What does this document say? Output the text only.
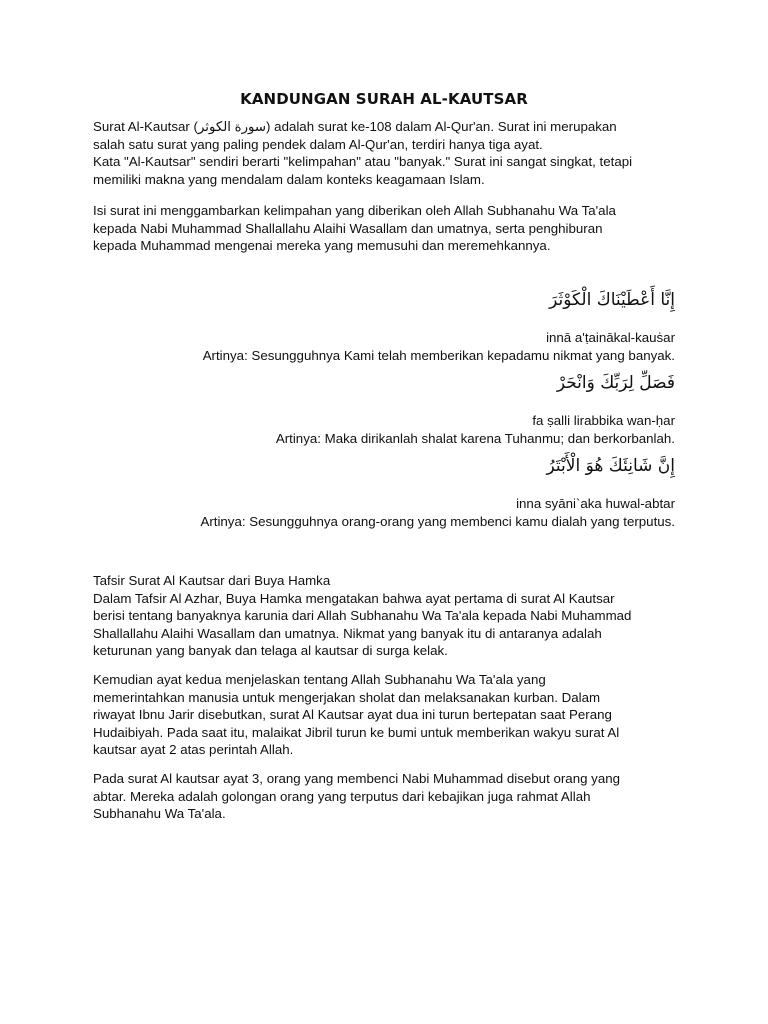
KANDUNGAN SURAH AL-KAUTSAR

Surat Al-Kautsar (سورة الكوثر) adalah surat ke-108 dalam Al-Qur'an. Surat ini merupakan
salah satu surat yang paling pendek dalam Al-Qur'an, terdiri hanya tiga ayat.
Kata "Al-Kautsar" sendiri berarti "kelimpahan" atau "banyak." Surat ini sangat singkat, tetapi
memiliki makna yang mendalam dalam konteks keagamaan Islam.

Isi surat ini menggambarkan kelimpahan yang diberikan oleh Allah Subhanahu Wa Ta'ala
kepada Nabi Muhammad Shallallahu Alaihi Wasallam dan umatnya, serta penghiburan
kepada Muhammad mengenai mereka yang memusuhi dan meremehkannya.

إِنَّا أَعْطَيْنَاكَ الْكَوْثَرَ
innā a'ṭainākal-kauṡar
Artinya: Sesungguhnya Kami telah memberikan kepadamu nikmat yang banyak.
فَصَلِّ لِرَبِّكَ وَانْحَرْ
fa ṣalli lirabbika wan-ḥar
Artinya: Maka dirikanlah shalat karena Tuhanmu; dan berkorbanlah.
إِنَّ شَانِئَكَ هُوَ الْأَبْتَرُ
inna syāni`aka huwal-abtar
Artinya: Sesungguhnya orang-orang yang membenci kamu dialah yang terputus.

Tafsir Surat Al Kautsar dari Buya Hamka
Dalam Tafsir Al Azhar, Buya Hamka mengatakan bahwa ayat pertama di surat Al Kautsar
berisi tentang banyaknya karunia dari Allah Subhanahu Wa Ta'ala kepada Nabi Muhammad
Shallallahu Alaihi Wasallam dan umatnya. Nikmat yang banyak itu di antaranya adalah
keturunan yang banyak dan telaga al kautsar di surga kelak.

Kemudian ayat kedua menjelaskan tentang Allah Subhanahu Wa Ta'ala yang
memerintahkan manusia untuk mengerjakan sholat dan melaksanakan kurban. Dalam
riwayat Ibnu Jarir disebutkan, surat Al Kautsar ayat dua ini turun bertepatan saat Perang
Hudaibiyah. Pada saat itu, malaikat Jibril turun ke bumi untuk memberikan wakyu surat Al
kautsar ayat 2 atas perintah Allah.

Pada surat Al kautsar ayat 3, orang yang membenci Nabi Muhammad disebut orang yang
abtar. Mereka adalah golongan orang yang terputus dari kebajikan juga rahmat Allah
Subhanahu Wa Ta'ala.
